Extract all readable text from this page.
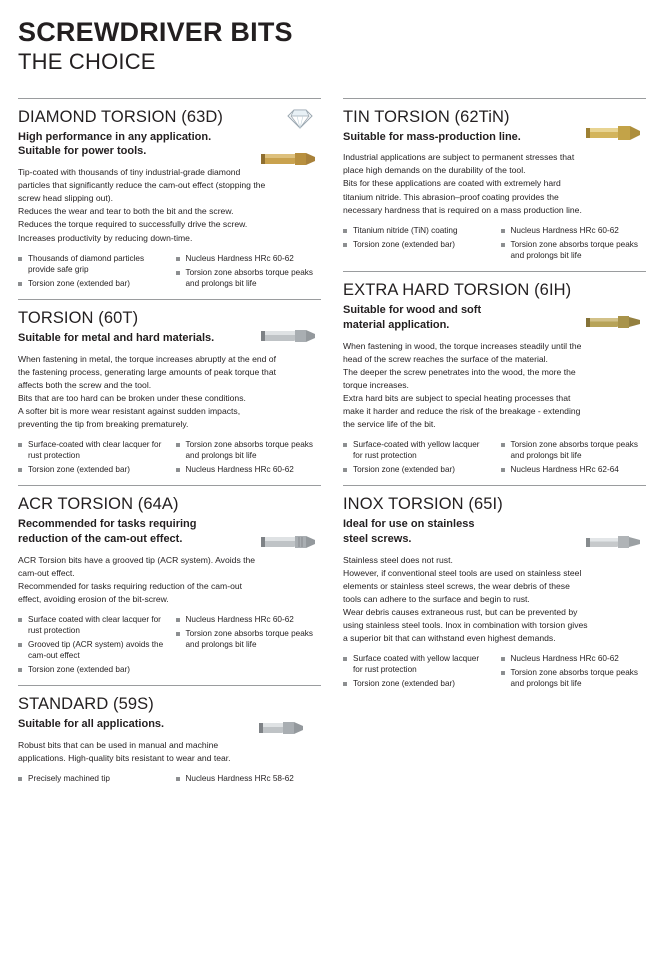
SCREWDRIVER BITS
THE CHOICE
DIAMOND TORSION (63D)
High performance in any application.
Suitable for power tools.

Tip-coated with thousands of tiny industrial-grade diamond

particles that significantly reduce the cam-out effect (stopping the

screw head slipping out).

Reduces the wear and tear to both the bit and the screw.

Reduces the torque required to successfully drive the screw.

Increases productivity by reducing down-time.

Thousands of diamond particles provide safe grip
Torsion zone (extended bar)
Nucleus Hardness HRc 60-62
Torsion zone absorbs torque peaks and prolongs bit life
TORSION (60T)
Suitable for metal and hard materials.

When fastening in metal, the torque increases abruptly at the end of

the fastening process, generating large amounts of peak torque that

affects both the screw and the tool.

Bits that are too hard can be broken under these conditions.

A softer bit is more wear resistant against sudden impacts,

preventing the tip from breaking prematurely.

Surface-coated with clear lacquer for rust protection
Torsion zone (extended bar)
Torsion zone absorbs torque peaks and prolongs bit life
Nucleus Hardness HRc 60-62
ACR TORSION (64A)
Recommended for tasks requiring
reduction of the cam-out effect.

ACR Torsion bits have a grooved tip (ACR system). Avoids the

cam-out effect.

Recommended for tasks requiring reduction of the cam-out

effect, avoiding erosion of the bit-screw.

Surface coated with clear lacquer for rust protection
Grooved tip (ACR system) avoids the cam-out effect
Torsion zone (extended bar)
Nucleus Hardness HRc 60-62
Torsion zone absorbs torque peaks and prolongs bit life
STANDARD (59S)
Suitable for all applications.

Robust bits that can be used in manual and machine

applications. High-quality bits resistant to wear and tear.

Precisely machined tip	Nucleus Hardness HRc 58-62
TIN TORSION (62TiN)
Suitable for mass-production line.

Industrial applications are subject to permanent stresses that

place high demands on the durability of the tool.

Bits for these applications are coated with extremely hard

titanium nitride. This abrasion–proof coating provides the

necessary hardness that is required on a mass production line.

Titanium nitride (TiN) coating
Torsion zone (extended bar)
Nucleus Hardness HRc 60-62
Torsion zone absorbs torque peaks and prolongs bit life
EXTRA HARD TORSION (6IH)
Suitable for wood and soft
material application.

When fastening in wood, the torque increases steadily until the

head of the screw reaches the surface of the material.

The deeper the screw penetrates into the wood, the more the

torque increases.

Extra hard bits are subject to special heating processes that

make it harder and reduce the risk of the breakage - extending

the service life of the bit.

Surface-coated with yellow lacquer for rust protection
Torsion zone (extended bar)
Torsion zone absorbs torque peaks and prolongs bit life
Nucleus Hardness HRc 62-64
INOX TORSION (65I)
Ideal for use on stainless
steel screws.

Stainless steel does not rust.

However, if conventional steel tools are used on stainless steel

elements or stainless steel screws, the wear debris of these

tools can adhere to the surface and begin to rust.

Wear debris causes extraneous rust, but can be prevented by

using stainless steel tools. Inox in combination with torsion gives

a superior bit that can withstand even highest demands.

Surface coated with yellow lacquer for rust protection
Torsion zone (extended bar)
Nucleus Hardness HRc 60-62
Torsion zone absorbs torque peaks and prolongs bit life
